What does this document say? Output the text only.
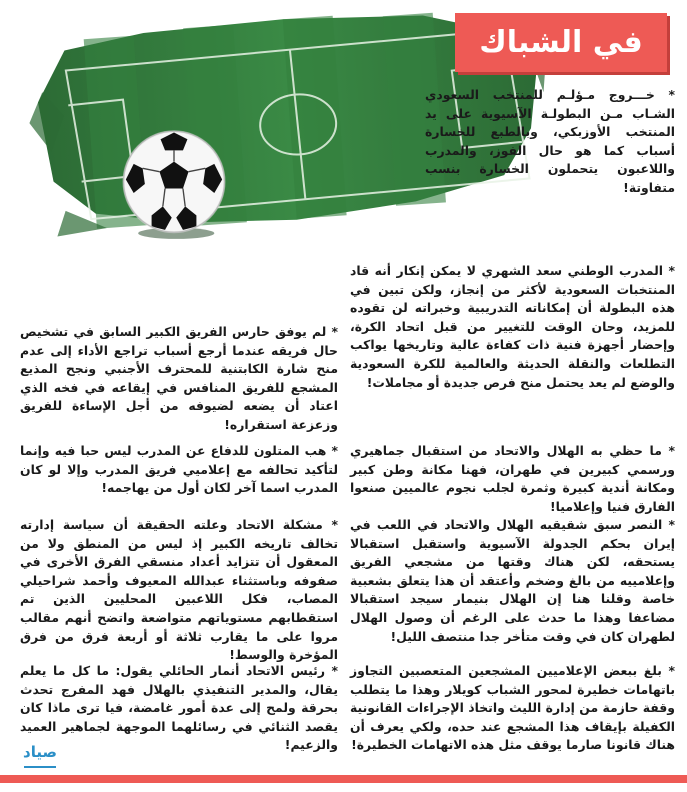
في الشباك

* خـــروج مـؤلـم للمنتخب السعودي الشـاب مـن البطولـة الآسيوية على يد المنتخب الأوزبكي، وبالطبع للخسارة أسباب كما هو حال الفوز، والمدرب واللاعبون يتحملون الخسارة بنسب متفاوتة!

* المدرب الوطني سعد الشهري لا يمكن إنكار أنه قاد المنتخبات السعودية لأكثر من إنجاز، ولكن تبين في هذه البطولة أن إمكاناته التدريبية وخبراته لن تقوده للمزيد، وحان الوقت للتغيير من قبل اتحاد الكرة، وإحضار أجهزة فنية ذات كفاءة عالية وتاريخها يواكب التطلعات والنقلة الحديثة والعالمية للكرة السعودية والوضع لم يعد يحتمل منح فرص جديدة أو مجاملات!

* ما حظي به الهلال والاتحاد من استقبال جماهيري ورسمي كبيرين في طهران، فهنا مكانة وطن كبير ومكانة أندية كبيرة وثمرة لجلب نجوم عالميين صنعوا الفارق فنيا وإعلاميا!

* النصر سبق شقيقيه الهلال والاتحاد في اللعب في إيران بحكم الجدولة الآسيوية واستقبل استقبالا يستحقه، لكن هناك وقتها من مشجعي الفريق وإعلامييه من بالغ وضخم وأعتقد أن هذا يتعلق بشعبية خاصة وقلنا هنا إن الهلال بنيمار سيجد استقبالا مضاعفا وهذا ما حدث على الرغم أن وصول الهلال لطهران كان في وقت متأخر جدا منتصف الليل!

* بلغ ببعض الإعلاميين المشجعين المتعصبين التجاوز باتهامات خطيرة لمحور الشباب كويلار وهذا ما يتطلب وقفة حازمة من إدارة الليث واتخاذ الإجراءات القانونية الكفيلة بإيقاف هذا المشجع عند حده، ولكي يعرف أن هناك قانونا صارما يوقف مثل هذه الاتهامات الخطيرة!

* لم يوفق حارس الفريق الكبير السابق في تشخيص حال فريقه عندما أرجع أسباب تراجع الأداء إلى عدم منح شارة الكابتنية للمحترف الأجنبي ونجح المذيع المشجع للفريق المنافس في إيقاعه في فخه الذي اعتاد أن يضعه لضيوفه من أجل الإساءة للفريق وزعزعة استقراره!

* هب المتلون للدفاع عن المدرب ليس حبا فيه وإنما لتأكيد تحالفه مع إعلاميي فريق المدرب وإلا لو كان المدرب اسما آخر لكان أول من يهاجمه!

* مشكلة الاتحاد وعلته الحقيقة أن سياسة إدارته تخالف تاريخه الكبير إذ ليس من المنطق ولا من المعقول أن تتزايد أعداد منسقي الفرق الأخرى في صفوفه وباستثناء عبدالله المعيوف وأحمد شراحيلي المصاب، فكل اللاعبين المحليين الذين تم استقطابهم مستوياتهم متواضعة واتضح أنهم مقالب مروا على ما يقارب ثلاثة أو أربعة فرق من فرق المؤخرة والوسط!

* رئيس الاتحاد أنمار الحائلي يقول: ما كل ما يعلم يقال، والمدير التنفيذي بالهلال فهد المفرج تحدث بحرقة ولمح إلى عدة أمور غامضة، فيا ترى ماذا كان يقصد الثنائي في رسائلهما الموجهة لجماهير العميد والزعيم!

صياد
